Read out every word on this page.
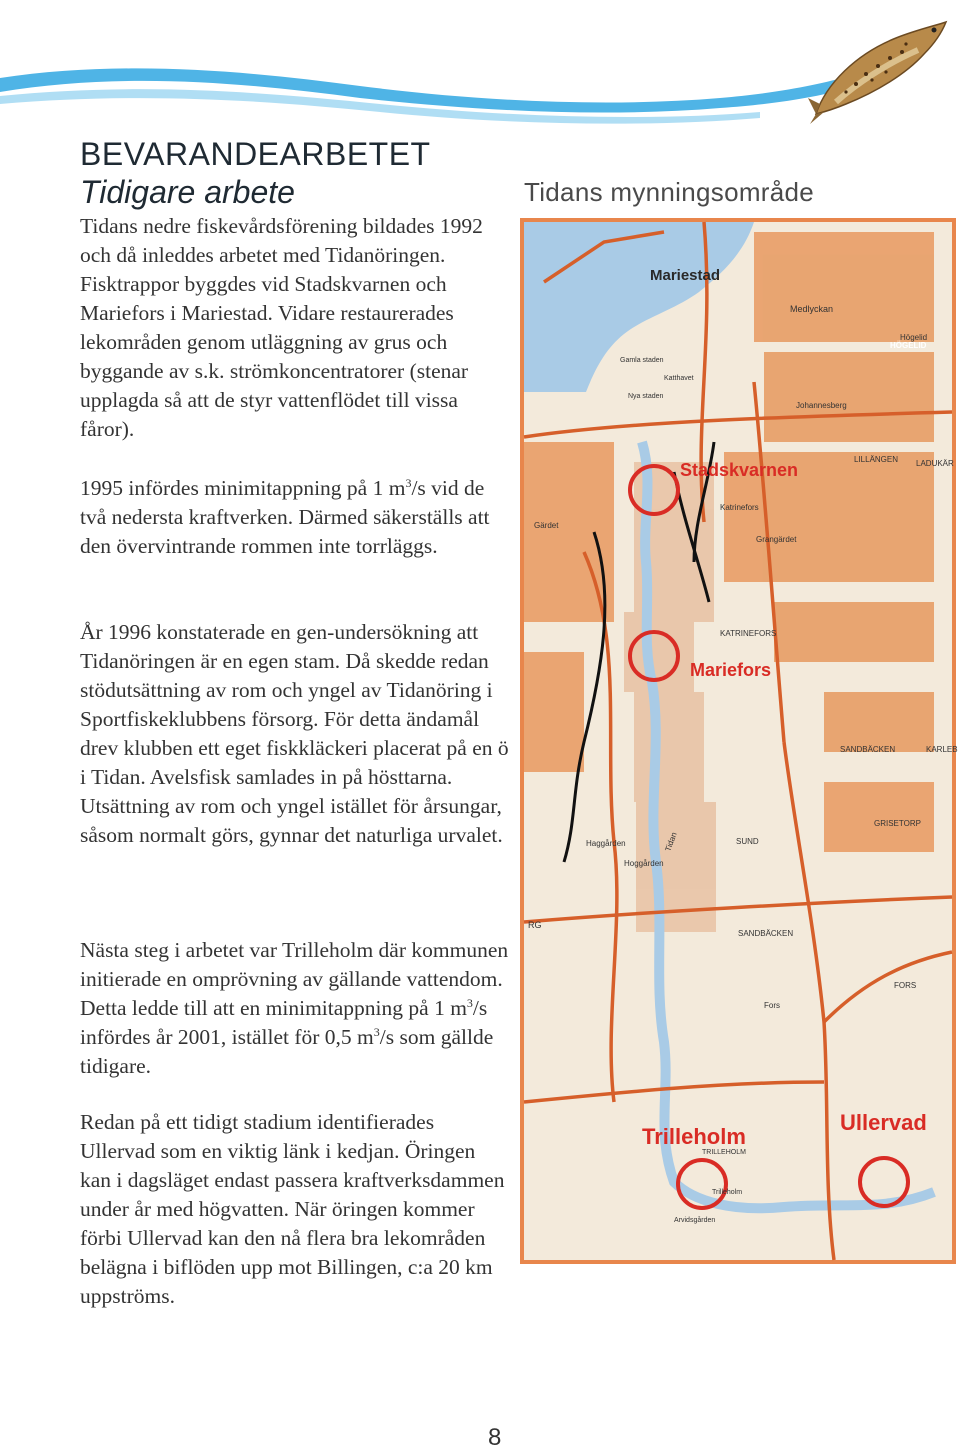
BEVARANDEARBETET
Tidigare arbete

Tidans nedre fiskevårdsförening bildades 1992 och då inleddes arbetet med Tidanöringen. Fisktrappor byggdes vid Stadskvarnen och Mariefors i Mariestad. Vidare restaurerades lekområden genom utläggning av grus och byggande av s.k. strömkoncentratorer (stenar upplagda så att de styr vattenflödet till vissa fåror).

1995 infördes minimitappning på 1 $m^3/s$ vid de två nedersta kraftverken. Därmed säkerställs att den övervintrande rommen inte torrläggs.

År 1996 konstaterade en gen-undersökning att Tidanöringen är en egen stam. Då skedde redan stödutsättning av rom och yngel av Tidanöring i Sportfiskeklubbens försorg. För detta ändamål drev klubben ett eget fiskkläckeri placerat på en ö i Tidan. Avelsfisk samlades in på hösttarna. Utsättning av rom och yngel istället för årsungar, såsom normalt görs, gynnar det naturliga urvalet.

Nästa steg i arbetet var Trilleholm där kommunen initierade en omprövning av gällande vattendom. Detta ledde till att en minimitappning på 1 $m^3/s$ infördes år 2001, istället för 0,5 $m^3/s$ som gällde tidigare.

Redan på ett tidigt stadium identifierades Ullervad som en viktig länk i kedjan. Öringen kan i dagsläget endast passera kraftverksdammen under år med högvatten. När öringen kommer förbi Ullervad kan den nå flera bra lekområden belägna i biflöden upp mot Billingen, c:a 20 km uppströms.

Tidans mynningsområde
Mariestad
Stadskvarnen
Mariefors
Trilleholm
Ullervad
Medlyckan
HÖGELID
Högelid
Johannesberg
LILLÄNGEN LADUKÄR
Gärdet
Katrinefors
KATRINEFORS
Grangärdet
SANDBÄCKEN	KARLEB
SUND
GRISETORP
Haggården
Hoggården
SANDBÄCKEN
FORS
Fors
Tidan
Nya staden
Gamla staden
Katthavet
TRILLEHOLM
Trilleholm
Arvidsgården
RG
8
